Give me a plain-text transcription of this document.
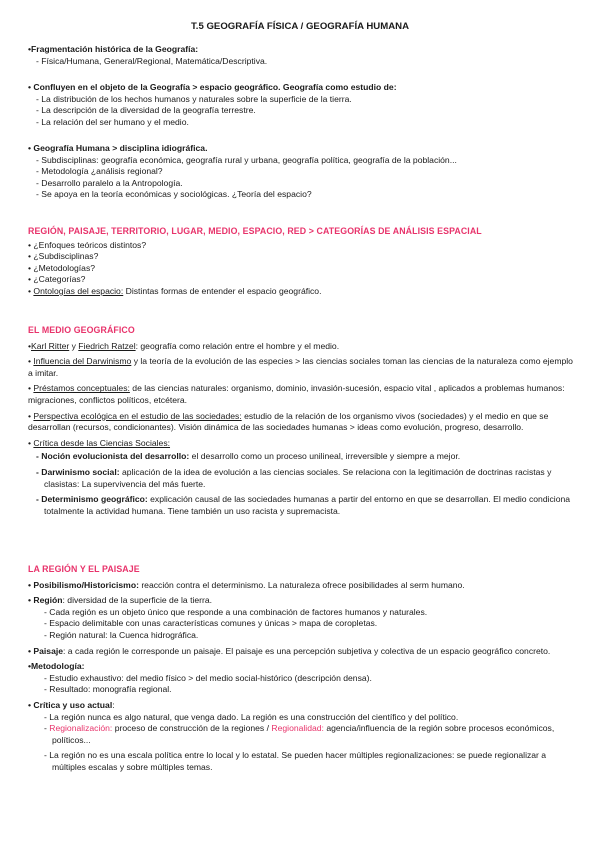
T.5 GEOGRAFÍA FÍSICA / GEOGRAFÍA HUMANA

•Fragmentación histórica de la Geografía:

- Física/Humana, General/Regional, Matemática/Descriptiva.

• Confluyen en el objeto de la Geografía > espacio geográfico. Geografía como estudio de:

- La distribución de los hechos humanos y naturales sobre la superficie de la tierra.

- La descripción de la diversidad de la geografía terrestre.

- La relación del ser humano y el medio.

• Geografía Humana > disciplina idiográfica.

- Subdisciplinas: geografía económica, geografía rural y urbana, geografía política, geografía de la población...

- Metodología ¿análisis regional?

- Desarrollo paralelo a la Antropología.

- Se apoya en la teoría económicas y sociológicas. ¿Teoría del espacio?

REGIÓN, PAISAJE, TERRITORIO, LUGAR, MEDIO, ESPACIO, RED > CATEGORÍAS DE ANÁLISIS ESPACIAL

• ¿Enfoques teóricos distintos?

• ¿Subdisciplinas?

• ¿Metodologías?

• ¿Categorías?

• Ontologías del espacio: Distintas formas de entender el espacio geográfico.

EL MEDIO GEOGRÁFICO

•Karl Ritter y Fiedrich Ratzel: geografía como relación entre el hombre y el medio.

• Influencia del Darwinismo y la teoría de la evolución de las especies > las ciencias sociales toman las ciencias de la naturaleza como ejemplo a imitar.

• Préstamos conceptuales: de las ciencias naturales: organismo, dominio, invasión-sucesión, espacio vital , aplicados a problemas humanos: migraciones, conflictos políticos, etcétera.

• Perspectiva ecológica en el estudio de las sociedades: estudio de la relación de los organismo vivos (sociedades) y el medio en que se desarrollan (recursos, condicionantes). Visión dinámica de las sociedades humanas > ideas como evolución, progreso, desarrollo.

• Crítica desde las Ciencias Sociales:

- Noción evolucionista del desarrollo: el desarrollo como un proceso unilineal, irreversible y siempre a mejor.

- Darwinismo social: aplicación de la idea de evolución a las ciencias sociales. Se relaciona con la legitimación de doctrinas racistas y clasistas: La supervivencia del más fuerte.

- Determinismo geográfico: explicación causal de las sociedades humanas a partir del entorno en que se desarrollan. El medio condiciona totalmente la actividad humana. Tiene también un uso racista y supremacista.

LA REGIÓN Y EL PAISAJE

• Posibilismo/Historicismo: reacción contra el determinismo. La naturaleza ofrece posibilidades al serm humano.

• Región: diversidad de la superficie de la tierra.

- Cada región es un objeto único que responde a una combinación de factores humanos y naturales.

- Espacio delimitable con unas características comunes y únicas > mapa de coropletas.

- Región natural: la Cuenca hidrográfica.

• Paisaje: a cada región le corresponde un paisaje. El paisaje es una percepción subjetiva y colectiva de un espacio geográfico concreto.

•Metodología:

- Estudio exhaustivo: del medio físico > del medio social-histórico (descripción densa).

- Resultado: monografía regional.

• Crítica y uso actual:

- La región nunca es algo natural, que venga dado. La región es una construcción del científico y del político.

- Regionalización: proceso de construcción de la regiones / Regionalidad: agencia/influencia de la región sobre procesos económicos, políticos...

- La región no es una escala política entre lo local y lo estatal. Se pueden hacer múltiples regionalizaciones: se puede regionalizar a múltiples escalas y sobre múltiples temas.
